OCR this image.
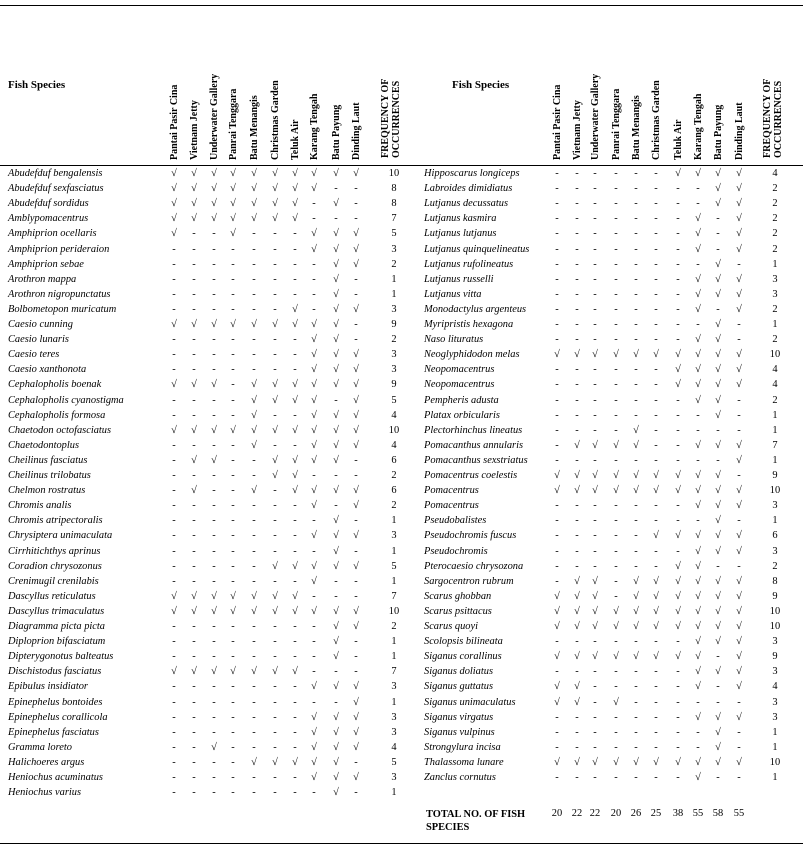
Fish Species	Pantai Pasir Cina Vietnam Jetty Underwater Gallery Panrai Tenggara Batu Menangis Christmas Garden Teluk Air Karang Tengah Batu Payung Dinding Laut FREQUENCY OF
OCCURRENCES	Fish Species	Pantai Pasir Cina Vietnam Jetty Underwater Gallery Panrai Tenggara Batu Menangis Christmas Garden Teluk Air Karang Tengah Batu Payung Dinding Laut FREQUENCY OF
OCCURRENCES
Abudefduf bengalensis	√	√	√	√	√	√	√	√	√	√	10
Abudefduf sexfasciatus	√	√	√	√	√	√	√	√	-	-	8
Abudefduf sordidus	√	√	√	√	√	√	√	-	√	-	8
Amblypomacentrus	√	√	√	√	√	√	√	-	-	-	7
Amphiprion ocellaris	√	-	-	√	-	-	-	√	√	√	5
Amphiprion perideraion	-	-	-	-	-	-	-	√	√	√	3
Amphiprion sebae	-	-	-	-	-	-	-	-	√	√	2
Arothron mappa	-	-	-	-	-	-	-	-	√	-	1
Arothron nigropunctatus	-	-	-	-	-	-	-	-	√	-	1
Bolbometopon muricatum	-	-	-	-	-	-	√	-	√	√	3
Caesio cunning	√	√	√	√	√	√	√	√	√	-	9
Caesio lunaris	-	-	-	-	-	-	-	√	√	-	2
Caesio teres	-	-	-	-	-	-	-	√	√	√	3
Caesio xanthonota	-	-	-	-	-	-	-	√	√	√	3
Cephalopholis boenak	√	√	√	-	√	√	√	√	√	√	9
Cephalopholis cyanostigma	-	-	-	-	√	√	√	√	-	√	5
Cephalopholis formosa	-	-	-	-	√	-	-	√	√	√	4
Chaetodon octofasciatus	√	√	√	√	√	√	√	√	√	√	10
Chaetodontoplus	-	-	-	-	√	-	-	√	√	√	4
Cheilinus fasciatus	-	√	√	-	-	√	√	√	√	-	6
Cheilinus trilobatus	-	-	-	-	-	√	√	-	-	-	2
Chelmon rostratus	-	√	-	-	√	-	√	√	√	√	6
Chromis analis	-	-	-	-	-	-	-	√	-	√	2
Chromis atripectoralis	-	-	-	-	-	-	-	-	√	-	1
Chrysiptera unimaculata	-	-	-	-	-	-	-	√	√	√	3
Cirrhitichthys aprinus	-	-	-	-	-	-	-	-	√	-	1
Coradion chrysozonus	-	-	-	-	-	√	√	√	√	√	5
Crenimugil crenilabis	-	-	-	-	-	-	-	√	-	-	1
Dascyllus reticulatus	√	√	√	√	√	√	√	-	-	-	7
Dascyllus trimaculatus	√	√	√	√	√	√	√	√	√	√	10
Diagramma picta picta	-	-	-	-	-	-	-	-	√	√	2
Diploprion bifasciatum	-	-	-	-	-	-	-	-	√	-	1
Dipterygonotus balteatus	-	-	-	-	-	-	-	-	√	-	1
Dischistodus fasciatus	√	√	√	√	√	√	√	-	-	-	7
Epibulus insidiator	-	-	-	-	-	-	-	√	√	√	3
Epinephelus bontoides	-	-	-	-	-	-	-	-	-	√	1
Epinephelus corallicola	-	-	-	-	-	-	-	√	√	√	3
Epinephelus fasciatus	-	-	-	-	-	-	-	√	√	√	3
Gramma loreto	-	-	√	-	-	-	-	√	√	√	4
Halichoeres argus	-	-	-	-	√	√	√	√	√	-	5
Heniochus acuminatus	-	-	-	-	-	-	-	√	√	√	3
Heniochus varius	-	-	-	-	-	-	-	-	√	-	1
Hipposcarus longiceps	-	-	-	-	-	-	√	√	√	√	4
Labroides dimidiatus	-	-	-	-	-	-	-	-	√	√	2
Lutjanus decussatus	-	-	-	-	-	-	-	-	√	√	2
Lutjanus kasmira	-	-	-	-	-	-	-	√	-	√	2
Lutjanus lutjanus	-	-	-	-	-	-	-	√	-	√	2
Lutjanus quinquelineatus	-	-	-	-	-	-	-	√	-	√	2
Lutjanus rufolineatus	-	-	-	-	-	-	-	-	√	-	1
Lutjanus russelli	-	-	-	-	-	-	-	√	√	√	3
Lutjanus vitta	-	-	-	-	-	-	-	√	√	√	3
Monodactylus argenteus	-	-	-	-	-	-	-	√	-	√	2
Myripristis hexagona	-	-	-	-	-	-	-	-	√	-	1
Naso lituratus	-	-	-	-	-	-	-	√	√	-	2
Neoglyphidodon melas	√	√	√	√	√	√	√	√	√	√	10
Neopomacentrus	-	-	-	-	-	-	√	√	√	√	4
Neopomacentrus	-	-	-	-	-	-	√	√	√	√	4
Pempheris adusta	-	-	-	-	-	-	-	√	√	-	2
Platax orbicularis	-	-	-	-	-	-	-	-	√	-	1
Plectorhinchus lineatus	-	-	-	-	√	-	-	-	-	-	1
Pomacanthus annularis	-	√	√	√	√	-	-	√	√	√	7
Pomacanthus sexstriatus	-	-	-	-	-	-	-	-	-	√	1
Pomacentrus coelestis	√	√	√	√	√	√	√	√	√	-	9
Pomacentrus	√	√	√	√	√	√	√	√	√	√	10
Pomacentrus	-	-	-	-	-	-	-	√	√	√	3
Pseudobalistes	-	-	-	-	-	-	-	-	√	-	1
Pseudochromis fuscus	-	-	-	-	-	√	√	√	√	√	6
Pseudochromis	-	-	-	-	-	-	-	√	√	√	3
Pterocaesio chrysozona	-	-	-	-	-	-	√	√	-	-	2
Sargocentron rubrum	-	√	√	-	√	√	√	√	√	√	8
Scarus ghobban	√	√	√	-	√	√	√	√	√	√	9
Scarus psittacus	√	√	√	√	√	√	√	√	√	√	10
Scarus quoyi	√	√	√	√	√	√	√	√	√	√	10
Scolopsis bilineata	-	-	-	-	-	-	-	√	√	√	3
Siganus corallinus	√	√	√	√	√	√	√	√	-	√	9
Siganus doliatus	-	-	-	-	-	-	-	√	√	√	3
Siganus guttatus	√	√	-	-	-	-	-	√	-	√	4
Siganus unimaculatus	√	√	-	√	-	-	-	-	-	-	3
Siganus virgatus	-	-	-	-	-	-	-	√	√	√	3
Siganus vulpinus	-	-	-	-	-	-	-	-	√	-	1
Strongylura incisa	-	-	-	-	-	-	-	-	√	-	1
Thalassoma lunare	√	√	√	√	√	√	√	√	√	√	10
Zanclus cornutus	-	-	-	-	-	-	-	√	-	-	1
TOTAL NO. OF FISH
SPECIES
20 22 22	20 26 25	38 55 58	55
